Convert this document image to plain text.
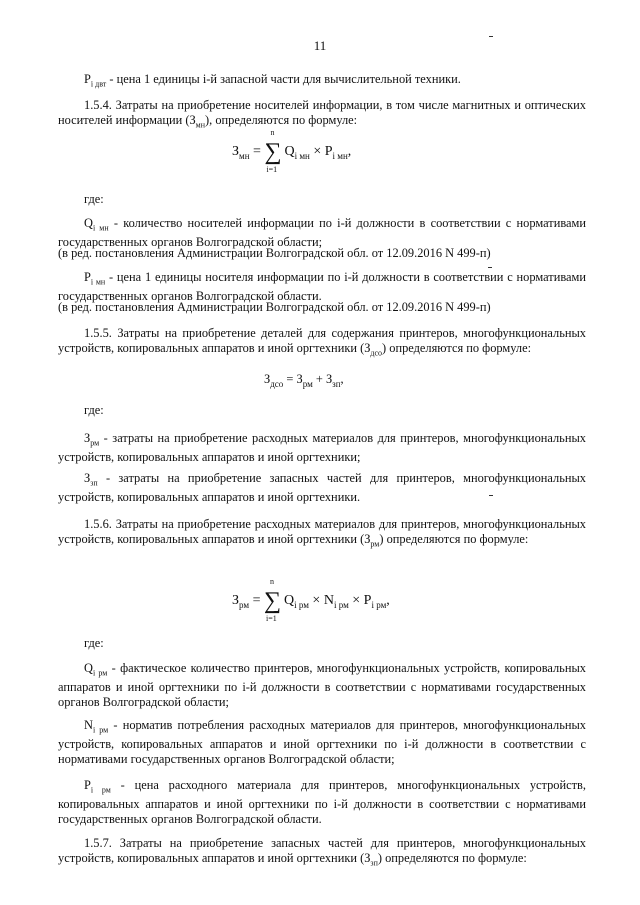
11
$P_{i двт}$ - цена 1 единицы i-й запасной части для вычислительной техники.
1.5.4. Затраты на приобретение носителей информации, в том числе магнитных и оптических носителей информации $(З_{мн})$, определяются по формуле:
$З_{мн}$ = ∑
n
i=1
$Q_{i мн} \times P_{i мн}$,
где:
$Q_{i мн}$ - количество носителей информации по i-й должности в соответствии с нормативами государственных органов Волгоградской области;
(в ред. постановления Администрации Волгоградской обл. от 12.09.2016 N 499-п)
$P_{i мн}$ - цена 1 единицы носителя информации по i-й должности в соответствии с нормативами государственных органов Волгоградской области.
(в ред. постановления Администрации Волгоградской обл. от 12.09.2016 N 499-п)
1.5.5. Затраты на приобретение деталей для содержания принтеров, многофункциональных устройств, копировальных аппаратов и иной оргтехники $(З_{дсо})$ определяются по формуле:
$З_{дсо} = З_{рм} + З_{зп}$,
где:
$З_{рм}$ - затраты на приобретение расходных материалов для принтеров, многофункциональных устройств, копировальных аппаратов и иной оргтехники;
$З_{зп}$ - затраты на приобретение запасных частей для принтеров, многофункциональных устройств, копировальных аппаратов и иной оргтехники.
1.5.6. Затраты на приобретение расходных материалов для принтеров, многофункциональных устройств, копировальных аппаратов и иной оргтехники $(З_{рм})$ определяются по формуле:
$З_{рм}$ = ∑
n
i=1
$Q_{i рм} \times N_{i рм} \times P_{i рм}$,
где:
$Q_{i рм}$ - фактическое количество принтеров, многофункциональных устройств, копировальных аппаратов и иной оргтехники по i-й должности в соответствии с нормативами государственных органов Волгоградской области;
$N_{i рм}$ - норматив потребления расходных материалов для принтеров, многофункциональных устройств, копировальных аппаратов и иной оргтехники по i-й должности в соответствии с нормативами государственных органов Волгоградской области;
$P_{i рм}$ - цена расходного материала для принтеров, многофункциональных устройств, копировальных аппаратов и иной оргтехники по i-й должности в соответствии с нормативами государственных органов Волгоградской области.
1.5.7. Затраты на приобретение запасных частей для принтеров, многофункциональных устройств, копировальных аппаратов и иной оргтехники $(З_{зп})$ определяются по формуле:
